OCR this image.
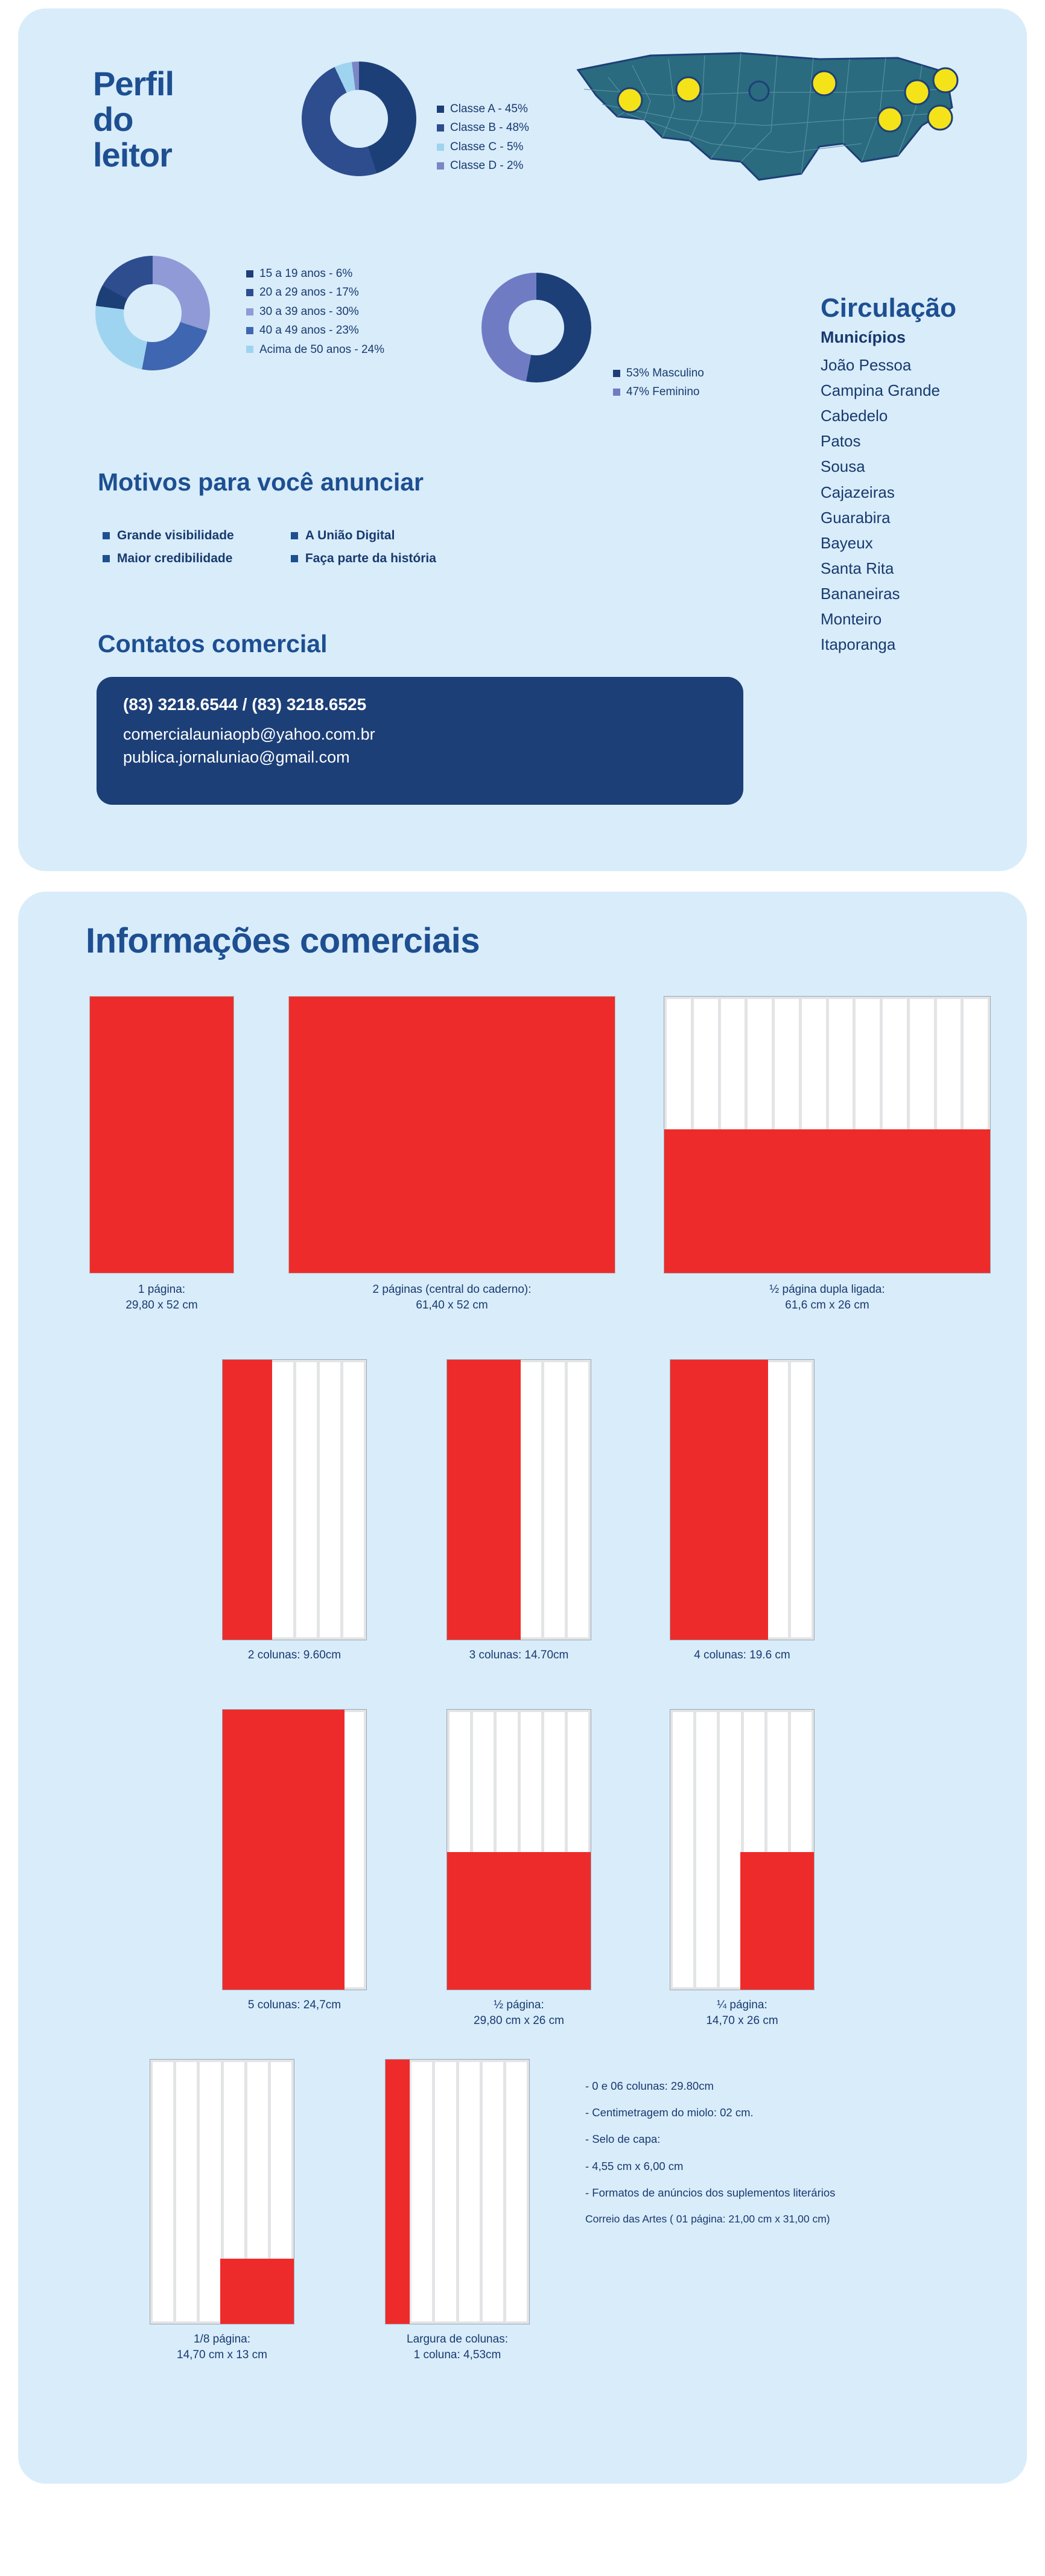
Perfil
do
leitor
Classe A - 45%
Classe B - 48%
Classe C - 5%
Classe D - 2%
15 a 19 anos - 6%
20 a 29 anos - 17%
30 a 39 anos - 30%
40 a 49 anos - 23%
Acima de 50 anos - 24%
53% Masculino
47% Feminino
Circulação
Municípios
João Pessoa
Campina Grande
Cabedelo
Patos
Sousa
Cajazeiras
Guarabira
Bayeux
Santa Rita
Bananeiras
Monteiro
Itaporanga
Motivos para você anunciar
Grande visibilidade
Maior credibilidade

A União Digital
Faça parte da história
Contatos comercial
(83) 3218.6544 / (83) 3218.6525
comercialauniaopb@yahoo.com.br
publica.jornaluniao@gmail.com
Informações comerciais
1 página:
29,80 x 52 cm
2 páginas (central do caderno):
61,40 x 52 cm
½ página dupla ligada:
61,6 cm x 26 cm
2 colunas: 9.60cm	3 colunas: 14.70cm	4 colunas: 19.6 cm
5 colunas: 24,7cm	½ página:
29,80 cm x 26 cm
¼ página:
14,70 x 26 cm
1/8 página:
14,70 cm x 13 cm
Largura de colunas:
1 coluna: 4,53cm
- 0 e 06 colunas: 29.80cm
- Centimetragem do miolo: 02 cm.
- Selo de capa:
- 4,55 cm x 6,00 cm
- Formatos de anúncios dos suplementos literários
Correio das Artes ( 01 página: 21,00 cm x 31,00 cm)
